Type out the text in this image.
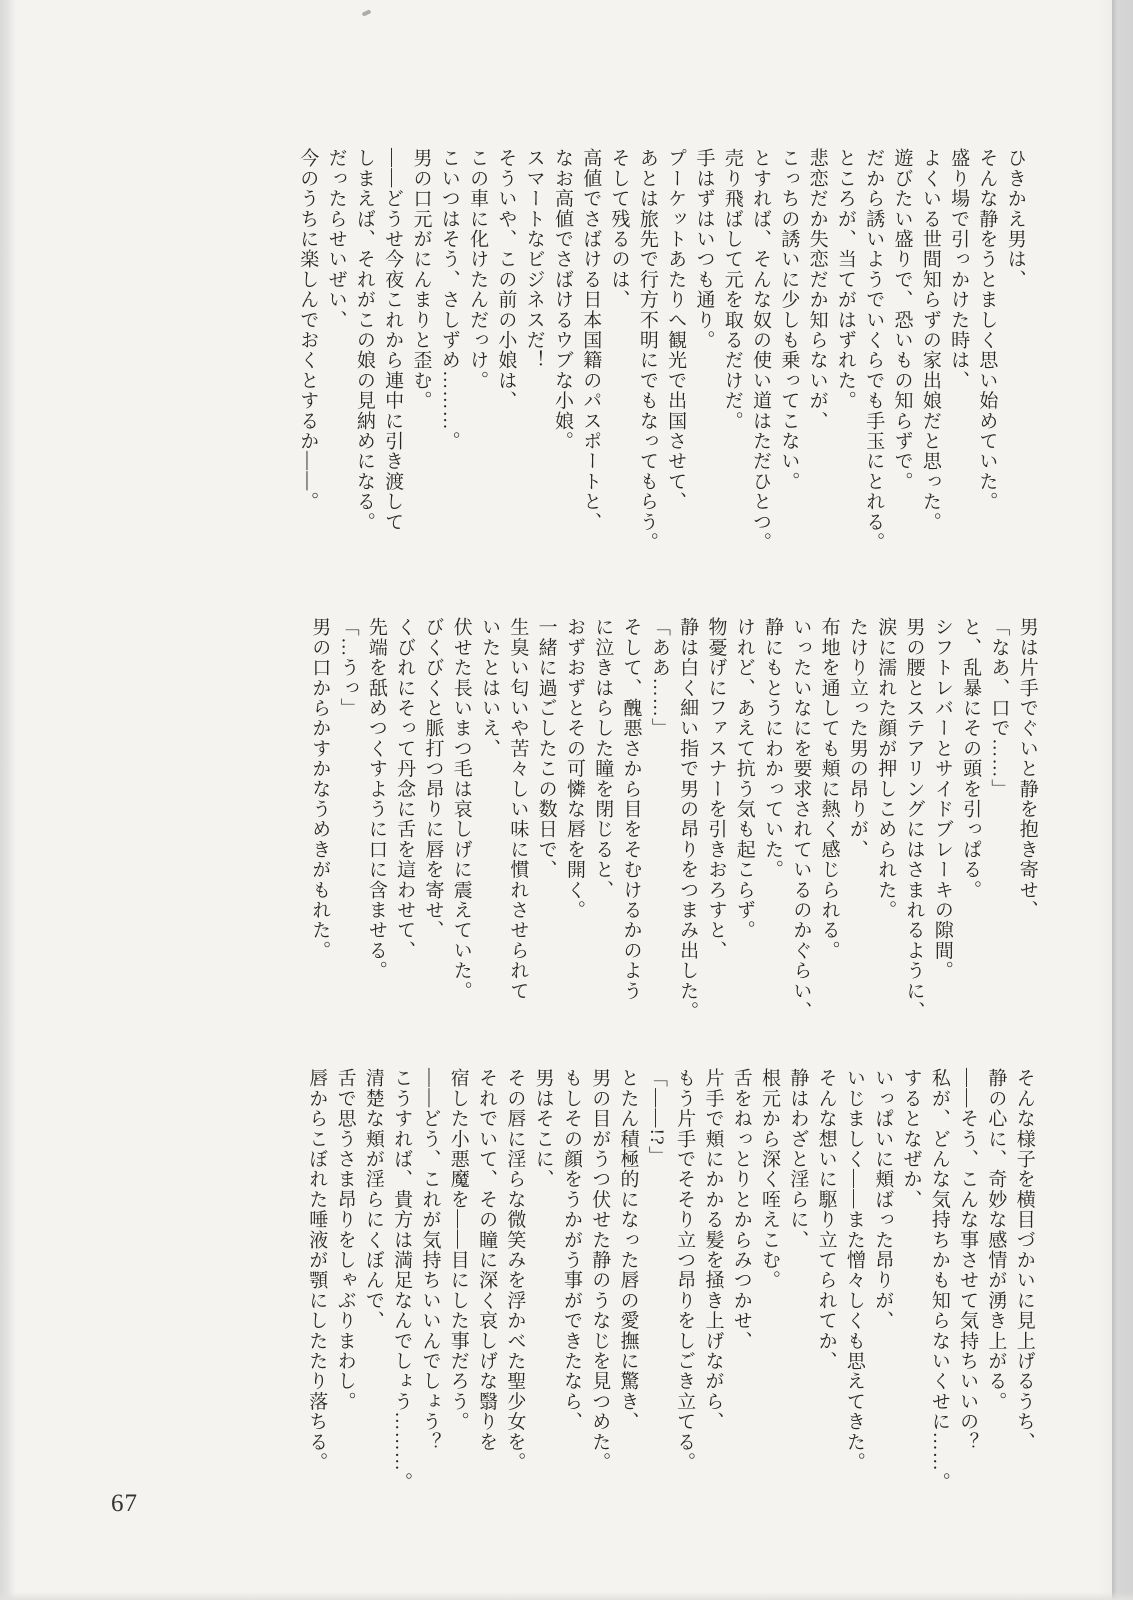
ひきかえ男は、

そんな静をうとましく思い始めていた。

盛り場で引っかけた時は、

よくいる世間知らずの家出娘だと思った。

遊びたい盛りで、恐いもの知らずで。

だから誘いようでいくらでも手玉にとれる。

ところが、当てがはずれた。

悲恋だか失恋だか知らないが、

こっちの誘いに少しも乗ってこない。

とすれば、そんな奴の使い道はただひとつ。

売り飛ばして元を取るだけだ。

手はずはいつも通り。

プーケットあたりへ観光で出国させて、

あとは旅先で行方不明にでもなってもらう。

そして残るのは、

高値でさばける日本国籍のパスポートと、

なお高値でさばけるウブな小娘。

スマートなビジネスだ！

そういや、この前の小娘は、

この車に化けたんだっけ。

こいつはそう、さしずめ………。

男の口元がにんまりと歪む。

――どうせ今夜これから連中に引き渡して

しまえば、それがこの娘の見納めになる。

だったらせいぜい、

今のうちに楽しんでおくとするか――。

男は片手でぐいと静を抱き寄せ、

「なあ、口で……」

と、乱暴にその頭を引っぱる。

シフトレバーとサイドブレーキの隙間。

男の腰とステアリングにはさまれるように、

涙に濡れた顔が押しこめられた。

たけり立った男の昂りが、

布地を通しても頬に熱く感じられる。

いったいなにを要求されているのかぐらい、

静にもとうにわかっていた。

けれど、あえて抗う気も起こらず。

物憂げにファスナーを引きおろすと、

静は白く細い指で男の昂りをつまみ出した。

「ああ……」

そして、醜悪さから目をそむけるかのよう

に泣きはらした瞳を閉じると、

おずおずとその可憐な唇を開く。

一緒に過ごしたこの数日で、

生臭い匂いや苦々しい味に慣れさせられて

いたとはいえ、

伏せた長いまつ毛は哀しげに震えていた。

びくびくと脈打つ昂りに唇を寄せ、

くびれにそって丹念に舌を這わせて、

先端を舐めつくすように口に含ませる。

「…うっ」

男の口からかすかなうめきがもれた。

そんな様子を横目づかいに見上げるうち、

静の心に、奇妙な感情が湧き上がる。

――そう、こんな事させて気持ちいいの？

私が、どんな気持ちかも知らないくせに……。

するとなぜか、

いっぱいに頬ばった昂りが、

いじましく――また憎々しくも思えてきた。

そんな想いに駆り立てられてか、

静はわざと淫らに、

根元から深く咥えこむ。

舌をねっとりとからみつかせ、

片手で頬にかかる髪を掻き上げながら、

もう片手でそそり立つ昂りをしごき立てる。

「――!?」

とたん積極的になった唇の愛撫に驚き、

男の目がうつ伏せた静のうなじを見つめた。

もしその顔をうかがう事ができたなら、

男はそこに、

その唇に淫らな微笑みを浮かべた聖少女を。

それでいて、その瞳に深く哀しげな翳りを

宿した小悪魔を――目にした事だろう。

――どう、これが気持ちいいんでしょう？

こうすれば、貴方は満足なんでしょう………。

清楚な頬が淫らにくぼんで、

舌で思うさま昂りをしゃぶりまわし。

唇からこぼれた唾液が顎にしたたり落ちる。

67
